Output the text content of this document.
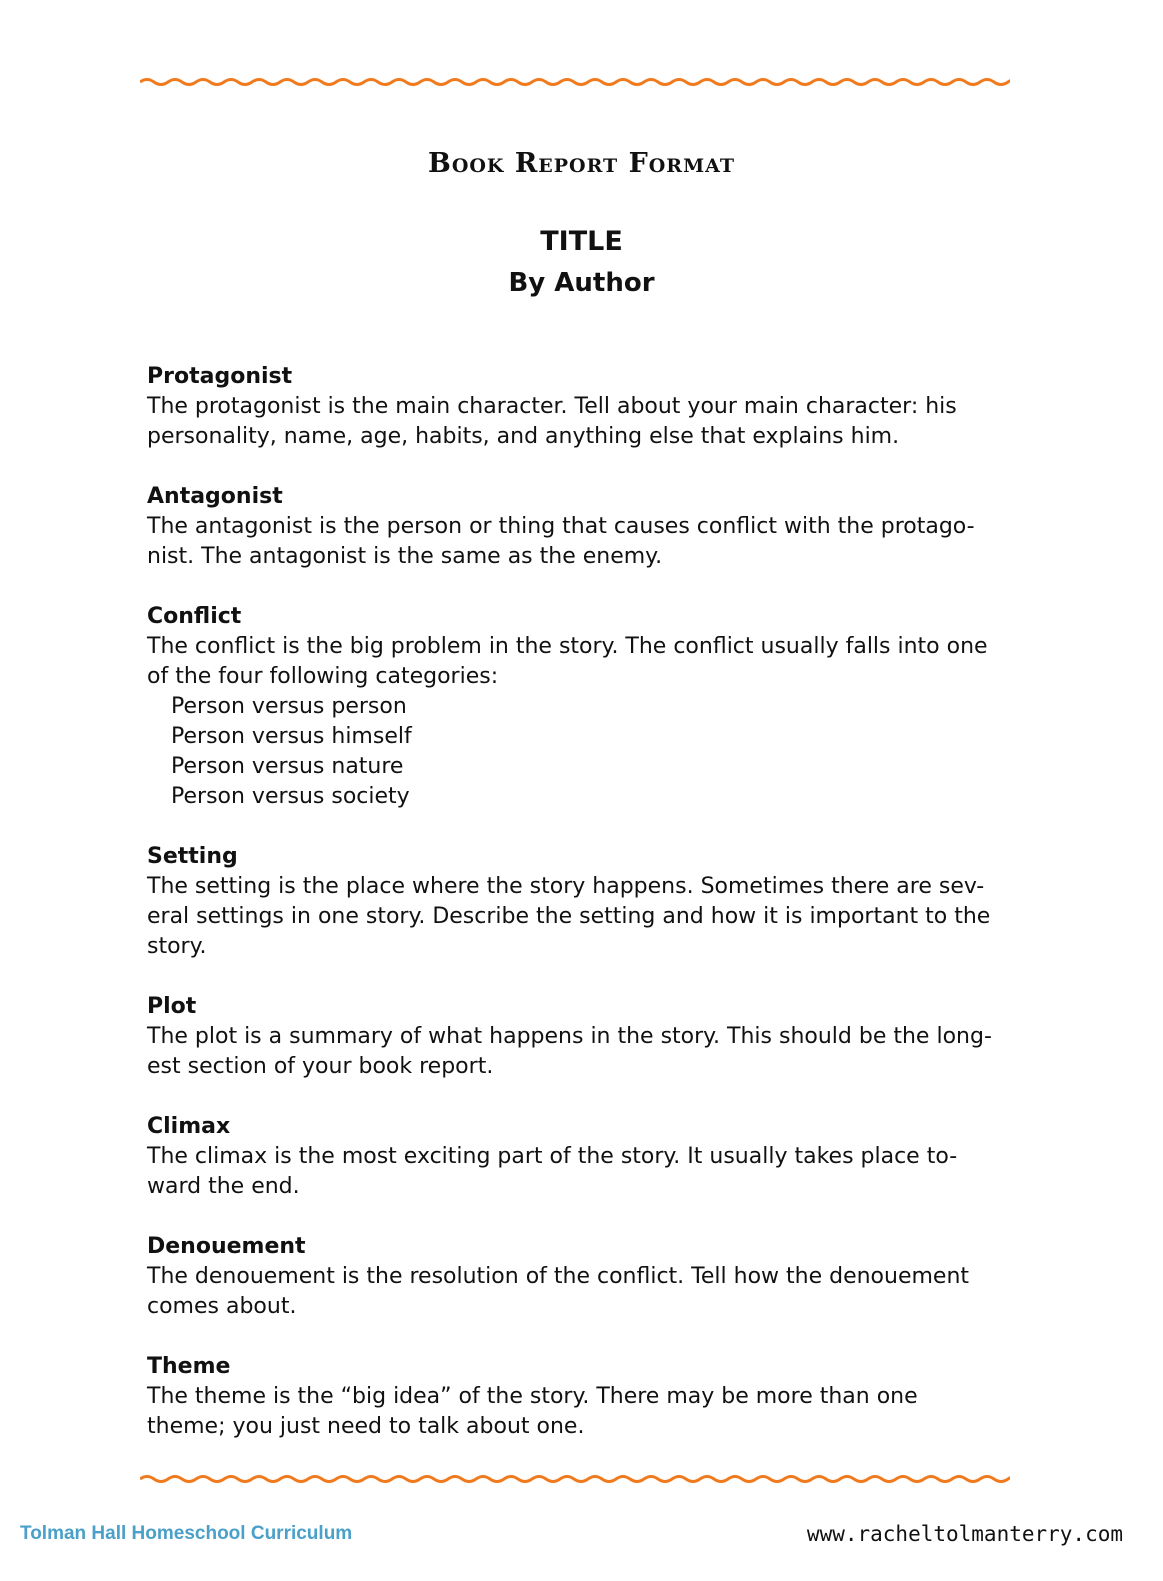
Book Report Format
TITLE
By Author
Protagonist
The protagonist is the main character. Tell about your main character: his personality, name, age, habits, and anything else that explains him.
Antagonist
The antagonist is the person or thing that causes conflict with the protago- nist. The antagonist is the same as the enemy.
Conflict
The conflict is the big problem in the story. The conflict usually falls into one of the four following categories:
Person versus person
Person versus himself
Person versus nature
Person versus society
Setting
The setting is the place where the story happens. Sometimes there are sev- eral settings in one story. Describe the setting and how it is important to the story.
Plot
The plot is a summary of what happens in the story. This should be the long- est section of your book report.
Climax
The climax is the most exciting part of the story. It usually takes place to- ward the end.
Denouement
The denouement is the resolution of the conflict. Tell how the denouement comes about.
Theme
The theme is the “big idea” of the story. There may be more than one theme; you just need to talk about one.
Tolman Hall Homeschool Curriculum	www.racheltolmanterry.com
